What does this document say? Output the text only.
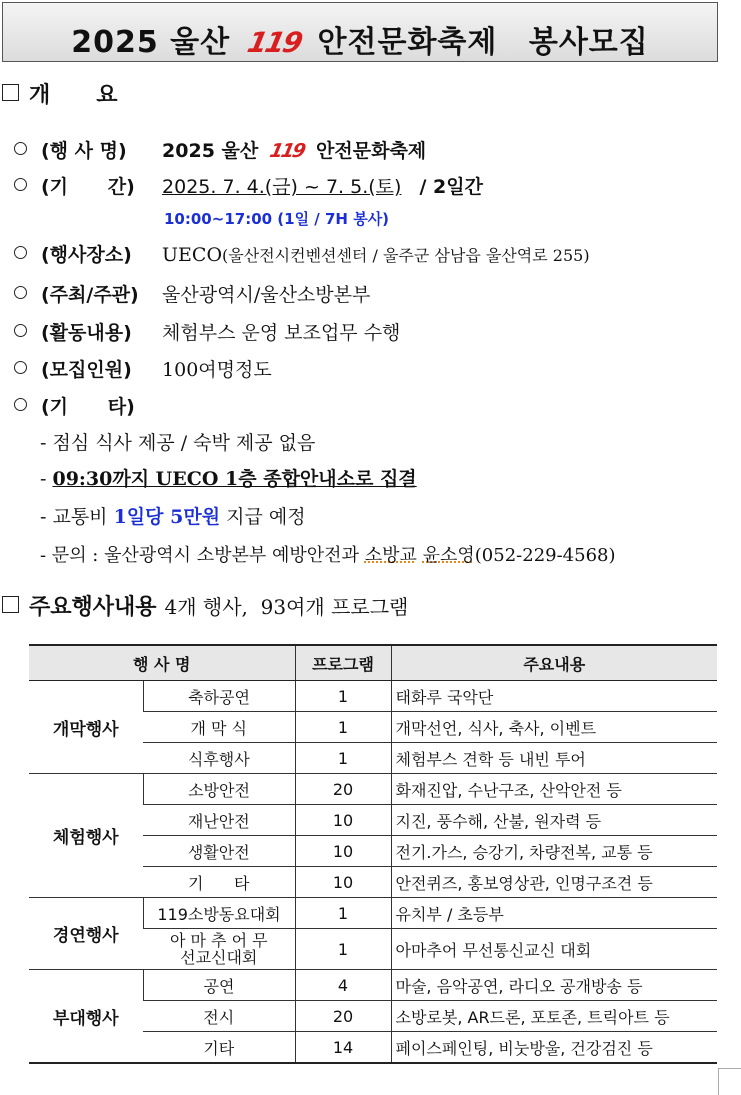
2025 울산 119 안전문화축제 봉사모집
개      요
(행 사 명) 2025 울산 119 안전문화축제
(기      간) 2025. 7. 4.(금) ~ 7. 5.(토) / 2일간
10:00~17:00 (1일 / 7H 봉사)
(행사장소) UECO(울산전시컨벤션센터 / 울주군 삼남읍 울산역로 255)
(주최/주관) 울산광역시/울산소방본부
(활동내용) 체험부스 운영 보조업무 수행
(모집인원) 100여명정도
(기      타)
- 점심 식사 제공 / 숙박 제공 없음
- 09:30까지 UECO 1층 종합안내소로 집결
- 교통비 1일당 5만원 지급 예정
- 문의 : 울산광역시 소방본부 예방안전과 소방교 윤소영(052-229-4568)
주요행사내용 4개 행사,  93여개 프로그램
행 사 명		프로그램	주요내용
개막행사	축하공연	1	태화루 국악단
	개 막 식	1	개막선언, 식사, 축사, 이벤트
	식후행사	1	체험부스 견학 등 내빈 투어
체험행사	소방안전	20	화재진압, 수난구조, 산악안전 등
	재난안전	10	지진, 풍수해, 산불, 원자력 등
	생활안전	10	전기.가스, 승강기, 차량전복, 교통 등
	기      타	10	안전퀴즈, 홍보영상관, 인명구조견 등
경연행사	119소방동요대회	1	유치부 / 초등부
	아 마 추 어 무선교신대회	1	아마추어 무선통신교신 대회
부대행사	공연	4	마술, 음악공연, 라디오 공개방송 등
	전시	20	소방로봇, AR드론, 포토존, 트릭아트 등
	기타	14	페이스페인팅, 비눗방울, 건강검진 등
